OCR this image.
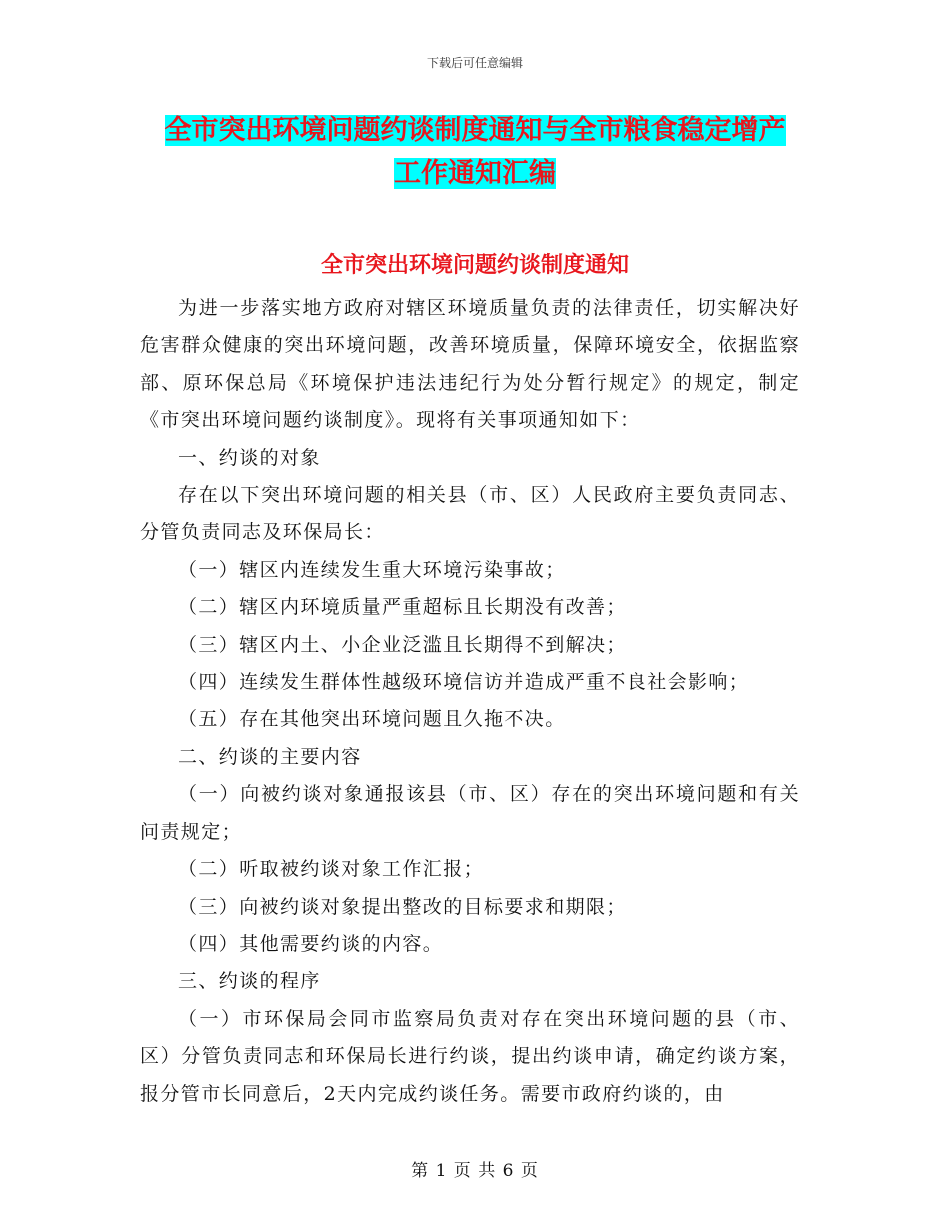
下载后可任意编辑
全市突出环境问题约谈制度通知与全市粮食稳定增产
工作通知汇编
全市突出环境问题约谈制度通知

为进一步落实地方政府对辖区环境质量负责的法律责任，切实解决好危害群众健康的突出环境问题，改善环境质量，保障环境安全，依据监察部、原环保总局《环境保护违法违纪行为处分暂行规定》的规定，制定《市突出环境问题约谈制度》。现将有关事项通知如下：

一、约谈的对象

存在以下突出环境问题的相关县（市、区）人民政府主要负责同志、分管负责同志及环保局长：

（一）辖区内连续发生重大环境污染事故；

（二）辖区内环境质量严重超标且长期没有改善；

（三）辖区内土、小企业泛滥且长期得不到解决；

（四）连续发生群体性越级环境信访并造成严重不良社会影响；

（五）存在其他突出环境问题且久拖不决。

二、约谈的主要内容

（一）向被约谈对象通报该县（市、区）存在的突出环境问题和有关问责规定；

（二）听取被约谈对象工作汇报；

（三）向被约谈对象提出整改的目标要求和期限；

（四）其他需要约谈的内容。

三、约谈的程序

（一）市环保局会同市监察局负责对存在突出环境问题的县（市、区）分管负责同志和环保局长进行约谈，提出约谈申请，确定约谈方案，报分管市长同意后，2天内完成约谈任务。需要市政府约谈的，由

第 1 页 共 6 页
